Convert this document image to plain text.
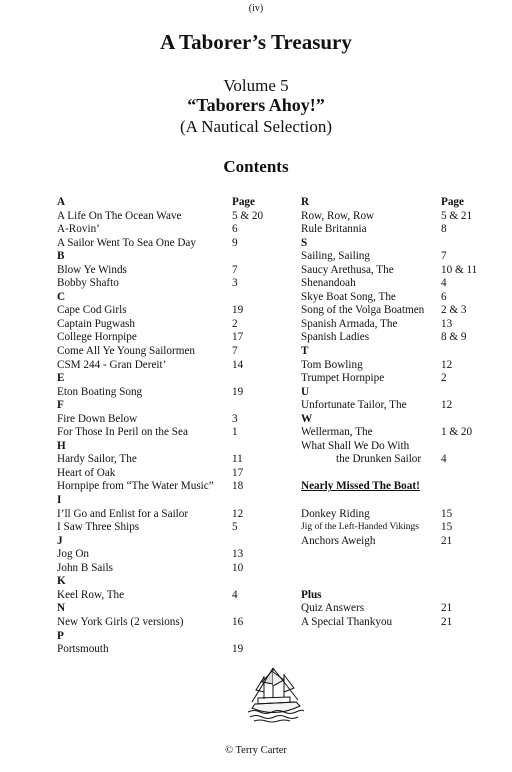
(iv)
A Taborer’s Treasury
Volume 5
“Taborers Ahoy!”
(A Nautical Selection)
Contents
A	Page
A Life On The Ocean Wave	5 & 20
A-Rovin’	6
A Sailor Went To Sea One Day	9
B
Blow Ye Winds	7
Bobby Shafto	3
C
Cape Cod Girls	19
Captain Pugwash	2
College Hornpipe	17
Come All Ye Young Sailormen	7
CSM 244 - Gran Dereit’	14
E
Eton Boating Song	19
F
Fire Down Below	3
For Those In Peril on the Sea	1
H
Hardy Sailor, The	11
Heart of Oak	17
Hornpipe from “The Water Music” 18
I
I’ll Go and Enlist for a Sailor	12
I Saw Three Ships	5
J
Jog On	13
John B Sails	10
K
Keel Row, The	4
N
New York Girls (2 versions)	16
P
Portsmouth	19
R	Page
Row, Row, Row	5 & 21
Rule Britannia	8
S
Sailing, Sailing	7
Saucy Arethusa, The	10 & 11
Shenandoah	4
Skye Boat Song, The	6
Song of the Volga Boatmen 2 & 3
Spanish Armada, The	13
Spanish Ladies	8 & 9
T
Tom Bowling	12
Trumpet Hornpipe	2
U
Unfortunate Tailor, The	12
W
Wellerman, The	1 & 20
What Shall We Do With
the Drunken Sailor 4
Nearly Missed The Boat!
Donkey Riding	15
Jig of the Left-Handed Vikings 15
Anchors Aweigh	21
Plus
Quiz Answers	21
A Special Thankyou	21
© Terry Carter
